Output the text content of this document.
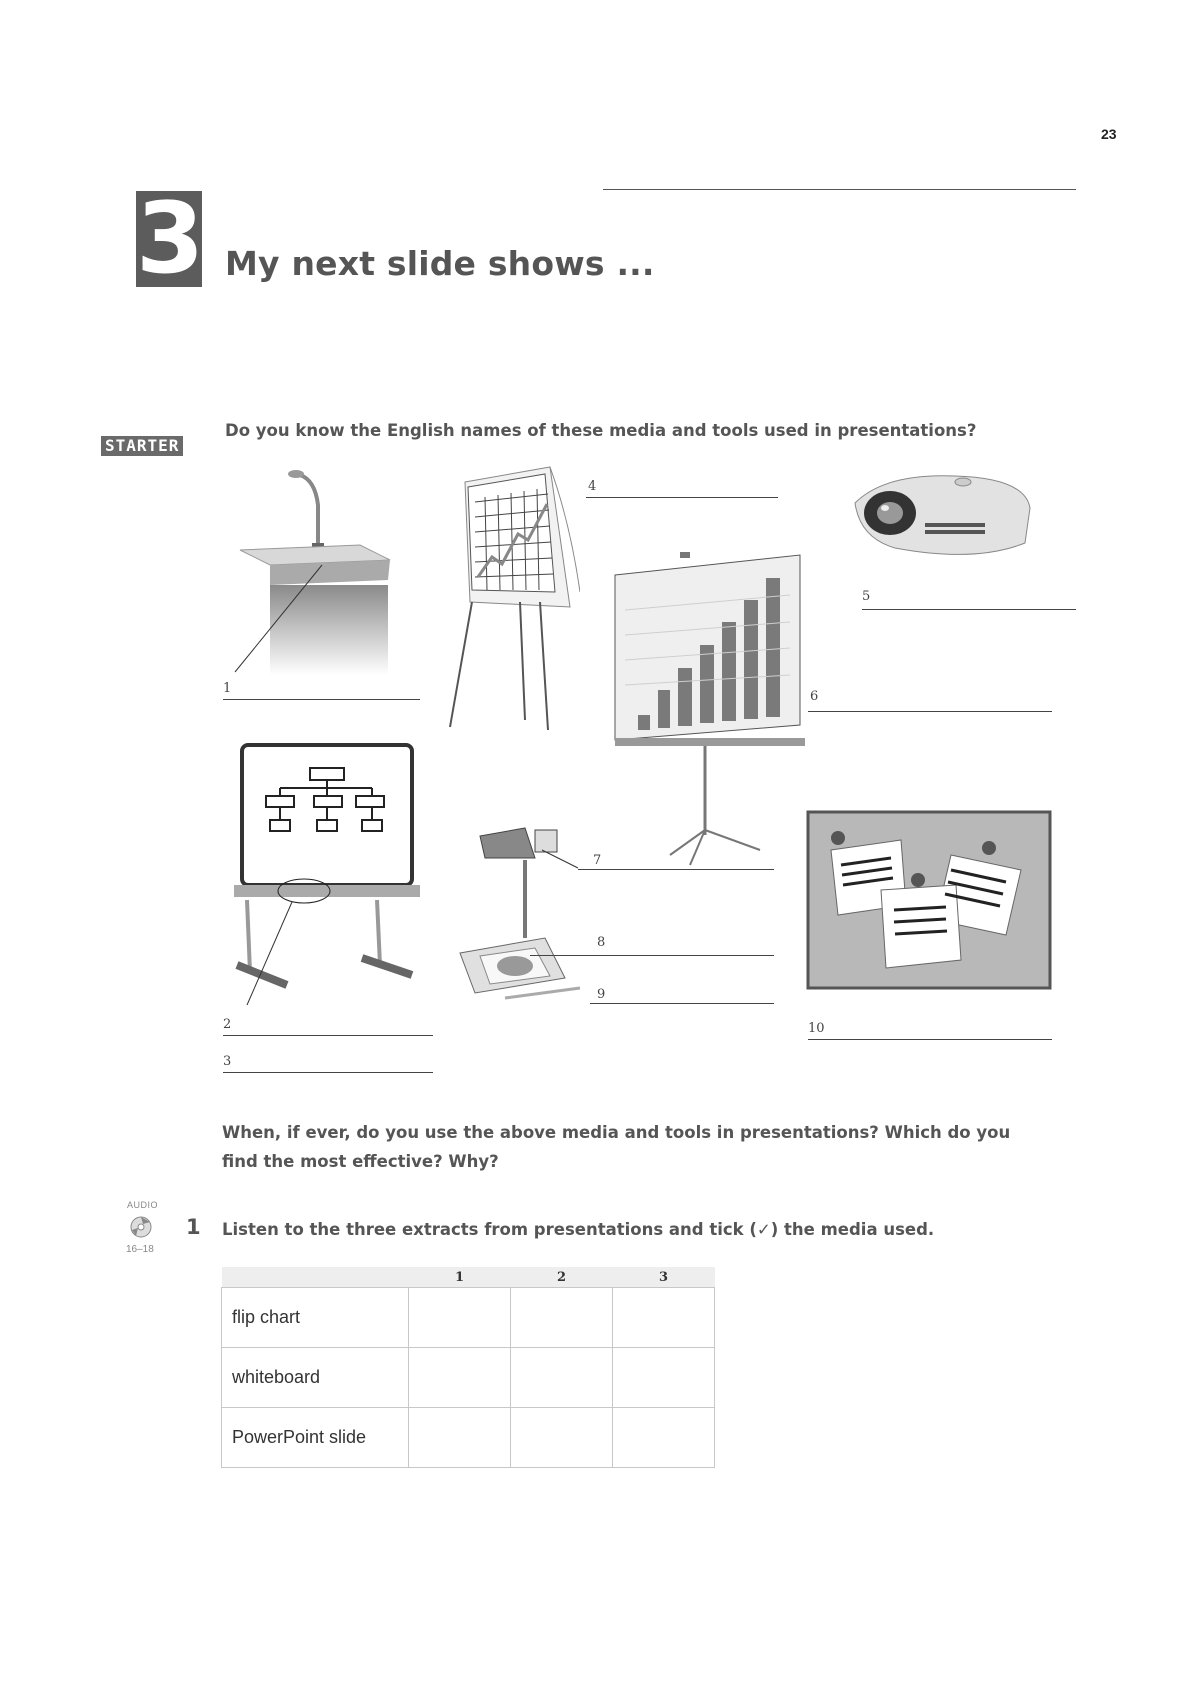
23
3 My next slide shows ...
STARTER
Do you know the English names of these media and tools used in presentations?
1
2
3
4
5
6
7
8
9
10
When, if ever, do you use the above media and tools in presentations? Which do you find the most effective? Why?
AUDIO
16–18
1 Listen to the three extracts from presentations and tick (✓) the media used.
	1	2	3
flip chart			
whiteboard			
PowerPoint slide			
